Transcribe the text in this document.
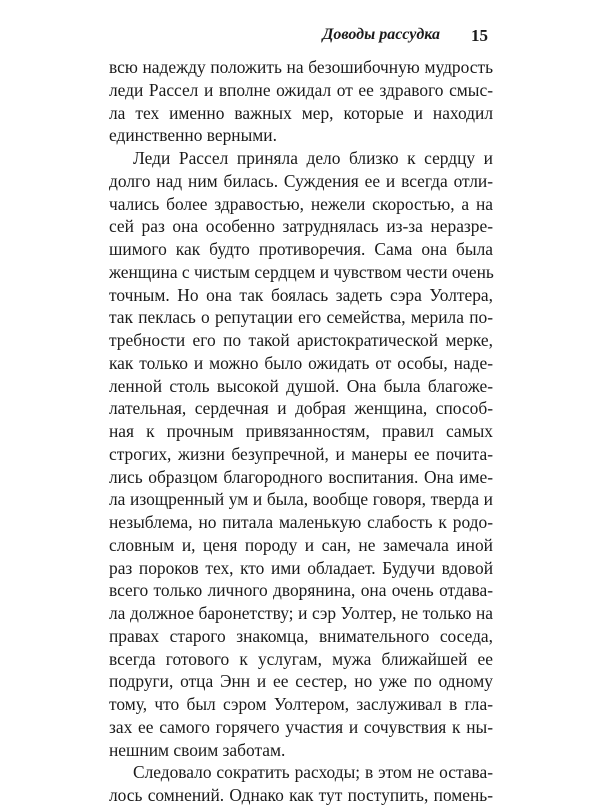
Доводы рассудка 15

всю надежду положить на безошибочную мудрость
леди Рассел и вполне ожидал от ее здравого смыс-
ла тех имeнно важных мер, которые и находил
единственно верными.

Леди Рассел приняла дело близко к сердцу и
долго над ним билась. Суждения ее и всегда отли-
чались более здравостью, нежели скоростью, а на
сей раз она особенно затруднялась из-за неразре-
шимого как будто противоречия. Сама она была
женщина с чистым сердцем и чувством чести очень
точным. Но она так боялась задеть сэра Уолтера,
так пеклась о репутации его семейства, мерила по-
требности его по такой аристократической мерке,
как только и можно было ожидать от особы, наде-
ленной столь высокой душой. Она была благоже-
лательная, сердечная и добрая женщина, способ-
ная к прочным привязанностям, правил самых
строгих, жизни безупречной, и манеры ее почита-
лись образцом благородного воспитания. Она име-
ла изощренный ум и была, вообще говоря, тверда и
незыблема, но питала маленькую слабость к родо-
словным и, ценя породу и сан, не замечала иной
раз пороков тех, кто ими обладает. Будучи вдовой
всего только личного дворянина, она очень отдава-
ла должное баронетству; и сэр Уолтер, не только на
правах старого знакомца, внимательного соседа,
всегда готового к услугам, мужа ближайшей ее
подруги, отца Энн и ее сестер, но уже по одному
тому, что был сэром Уолтером, заслуживал в гла-
зах ее самого горячего участия и сочувствия к ны-
нешним своим заботам.

Следовало сократить расходы; в этом не остава-
лось сомнений. Однако как тут поступить, помень-
